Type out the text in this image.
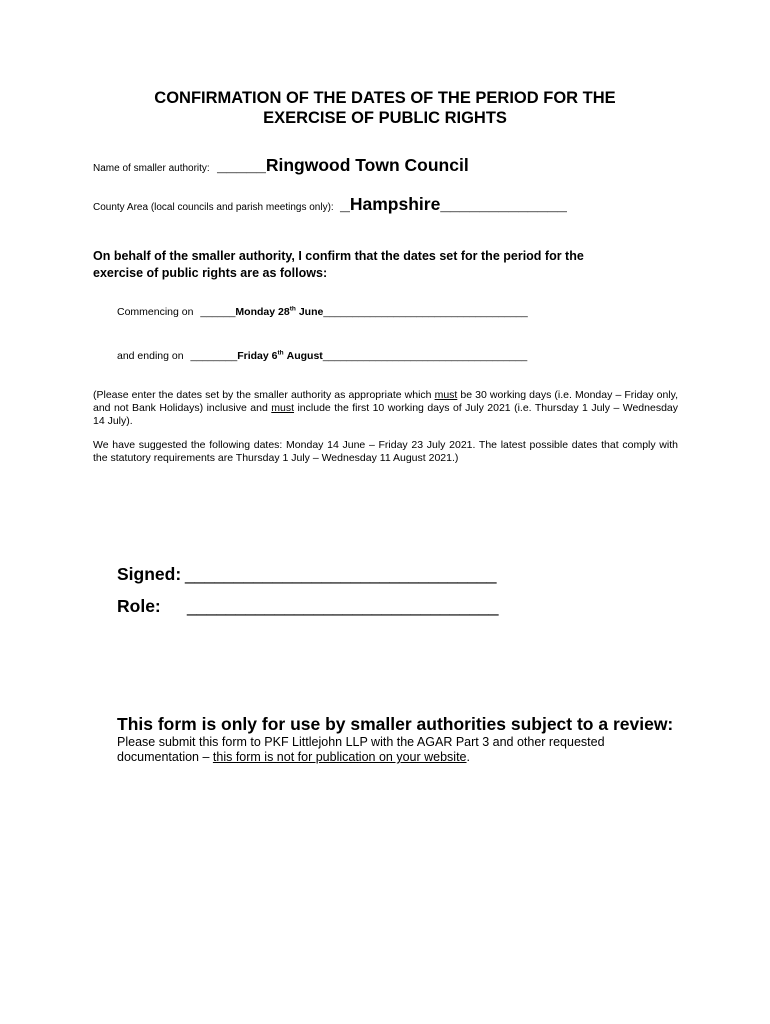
CONFIRMATION OF THE DATES OF THE PERIOD FOR THE
EXERCISE OF PUBLIC RIGHTS
Name of smaller authority: _____Ringwood Town Council
County Area (local councils and parish meetings only): _Hampshire_____________
On behalf of the smaller authority, I confirm that the dates set for the period for the
exercise of public rights are as follows:
Commencing on ______Monday 28th June___________________________________
and ending on ________Friday 6th August___________________________________
(Please enter the dates set by the smaller authority as appropriate which must be 30 working days (i.e. Monday – Friday only, and not Bank Holidays) inclusive and must include the first 10 working days of July 2021 (i.e. Thursday 1 July – Wednesday 14 July).
We have suggested the following dates: Monday 14 June – Friday 23 July 2021. The latest possible dates that comply with the statutory requirements are Thursday 1 July – Wednesday 11 August 2021.)
Signed: ________________________________
Role: ________________________________
This form is only for use by smaller authorities subject to a review:
Please submit this form to PKF Littlejohn LLP with the AGAR Part 3 and other requested documentation – this form is not for publication on your website.
